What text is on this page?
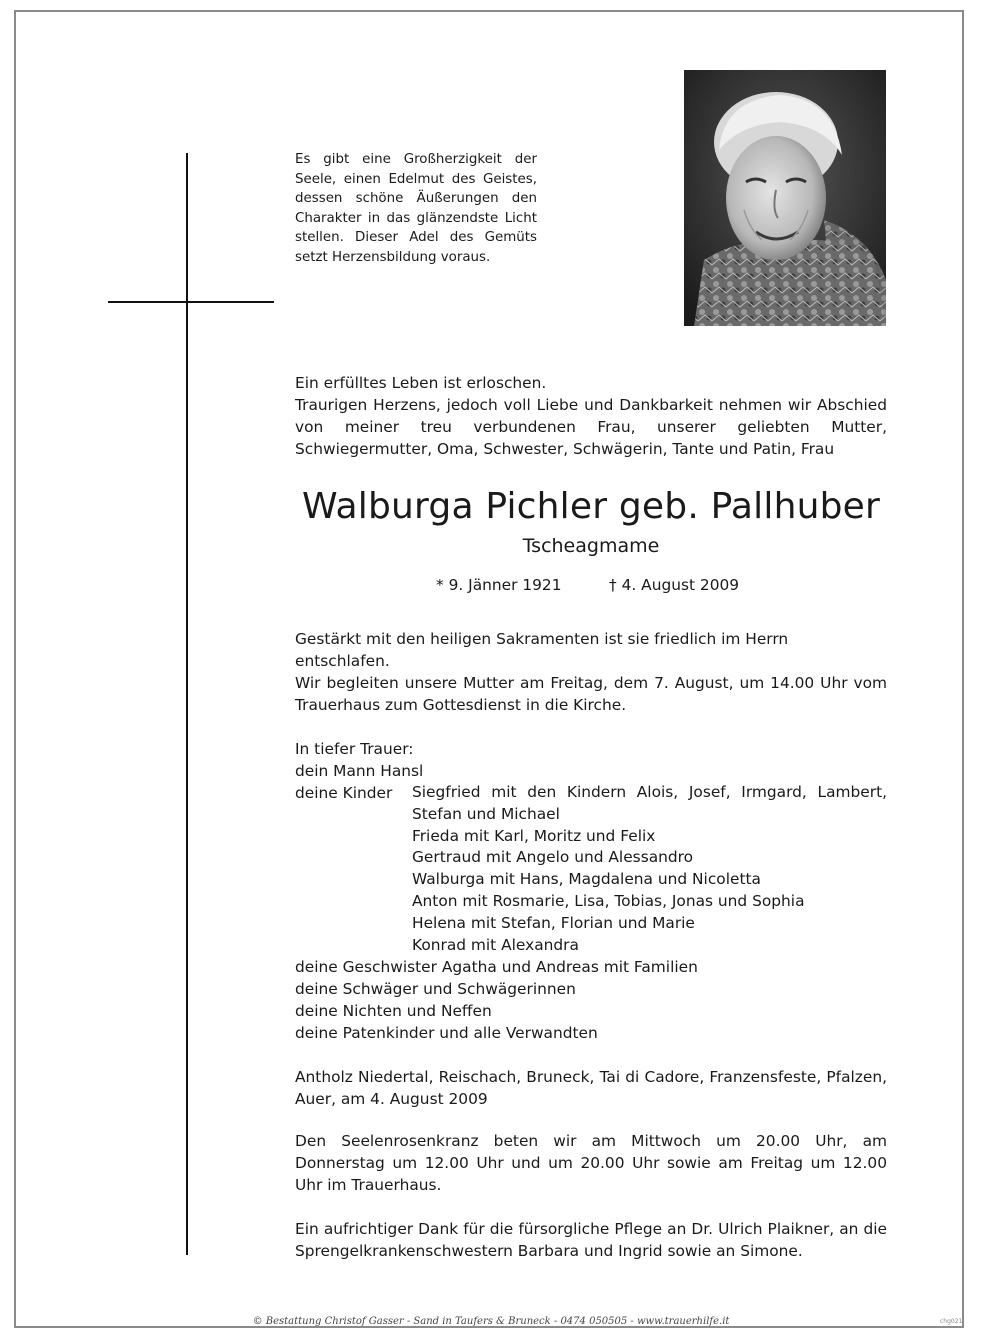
Es gibt eine Großherzigkeit der Seele, einen Edelmut des Geistes, dessen schöne Äußerungen den Charakter in das glänzendste Licht stellen. Dieser Adel des Gemüts setzt Herzensbildung voraus.
Ein erfülltes Leben ist erloschen.
Traurigen Herzens, jedoch voll Liebe und Dankbarkeit nehmen wir Abschied von meiner treu verbundenen Frau, unserer geliebten Mutter, Schwiegermutter, Oma, Schwester, Schwägerin, Tante und Patin, Frau
Walburga Pichler geb. Pallhuber
Tscheagmame
* 9. Jänner 1921	† 4. August 2009
Gestärkt mit den heiligen Sakramenten ist sie friedlich im Herrn entschlafen.
Wir begleiten unsere Mutter am Freitag, dem 7. August, um 14.00 Uhr vom Trauerhaus zum Gottesdienst in die Kirche.
In tiefer Trauer:
dein Mann Hansl
deine Kinder Siegfried mit den Kindern Alois, Josef, Irmgard, Lambert,
Stefan und Michael
Frieda mit Karl, Moritz und Felix
Gertraud mit Angelo und Alessandro
Walburga mit Hans, Magdalena und Nicoletta
Anton mit Rosmarie, Lisa, Tobias, Jonas und Sophia
Helena mit Stefan, Florian und Marie
Konrad mit Alexandra
deine Geschwister Agatha und Andreas mit Familien
deine Schwäger und Schwägerinnen
deine Nichten und Neffen
deine Patenkinder und alle Verwandten
Antholz Niedertal, Reischach, Bruneck, Tai di Cadore, Franzensfeste, Pfalzen, Auer, am 4. August 2009
Den Seelenrosenkranz beten wir am Mittwoch um 20.00 Uhr, am Donnerstag um 12.00 Uhr und um 20.00 Uhr sowie am Freitag um 12.00 Uhr im Trauerhaus.
Ein aufrichtiger Dank für die fürsorgliche Pflege an Dr. Ulrich Plaikner, an die Sprengelkrankenschwestern Barbara und Ingrid sowie an Simone.
© Bestattung Christof Gasser - Sand in Taufers & Bruneck - 0474 050505 - www.trauerhilfe.it	chg021
